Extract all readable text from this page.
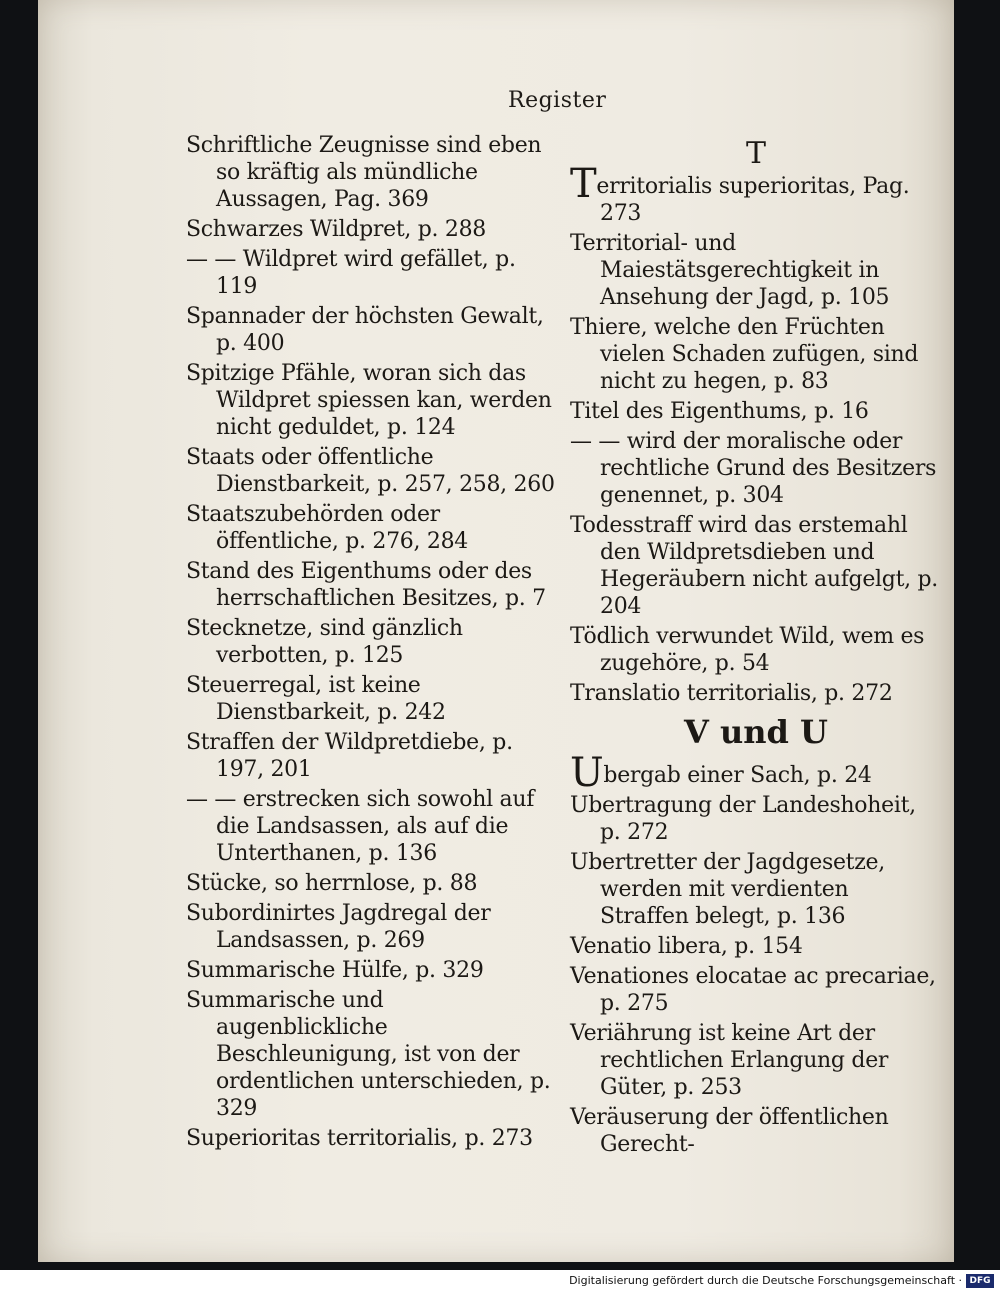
Register

Schriftliche Zeugnisse sind eben so kräftig als mündliche Aussagen, Pag. 369

Schwarzes Wildpret, p. 288

— — Wildpret wird gefället, p. 119

Spannader der höchsten Gewalt, p. 400

Spitzige Pfähle, woran sich das Wildpret spiessen kan, werden nicht geduldet, p. 124

Staats oder öffentliche Dienstbarkeit, p. 257, 258, 260

Staatszubehörden oder öffentliche, p. 276, 284

Stand des Eigenthums oder des herrschaftlichen Besitzes, p. 7

Stecknetze, sind gänzlich verbotten, p. 125

Steuerregal, ist keine Dienstbarkeit, p. 242

Straffen der Wildpretdiebe, p. 197, 201

— — erstrecken sich sowohl auf die Landsassen, als auf die Unterthanen, p. 136

Stücke, so herrnlose, p. 88

Subordinirtes Jagdregal der Landsassen, p. 269

Summarische Hülfe, p. 329

Summarische und augenblickliche Beschleunigung, ist von der ordentlichen unterschieden, p. 329

Superioritas territorialis, p. 273

T

Territorialis superioritas, Pag. 273

Territorial- und Maiestätsgerechtigkeit in Ansehung der Jagd, p. 105

Thiere, welche den Früchten vielen Schaden zufügen, sind nicht zu hegen, p. 83

Titel des Eigenthums, p. 16

— — wird der moralische oder rechtliche Grund des Besitzers genennet, p. 304

Todesstraff wird das erstemahl den Wildpretsdieben und Hegeräubern nicht aufgelgt, p. 204

Tödlich verwundet Wild, wem es zugehöre, p. 54

Translatio territorialis, p. 272

V und U

Ubergab einer Sach, p. 24

Ubertragung der Landeshoheit, p. 272

Ubertretter der Jagdgesetze, werden mit verdienten Straffen belegt, p. 136

Venatio libera, p. 154

Venationes elocatae ac precariae, p. 275

Veriährung ist keine Art der rechtlichen Erlangung der Güter, p. 253

Veräuserung der öffentlichen Gerecht-

Digitalisierung gefördert durch die Deutsche Forschungsgemeinschaft · DFG
